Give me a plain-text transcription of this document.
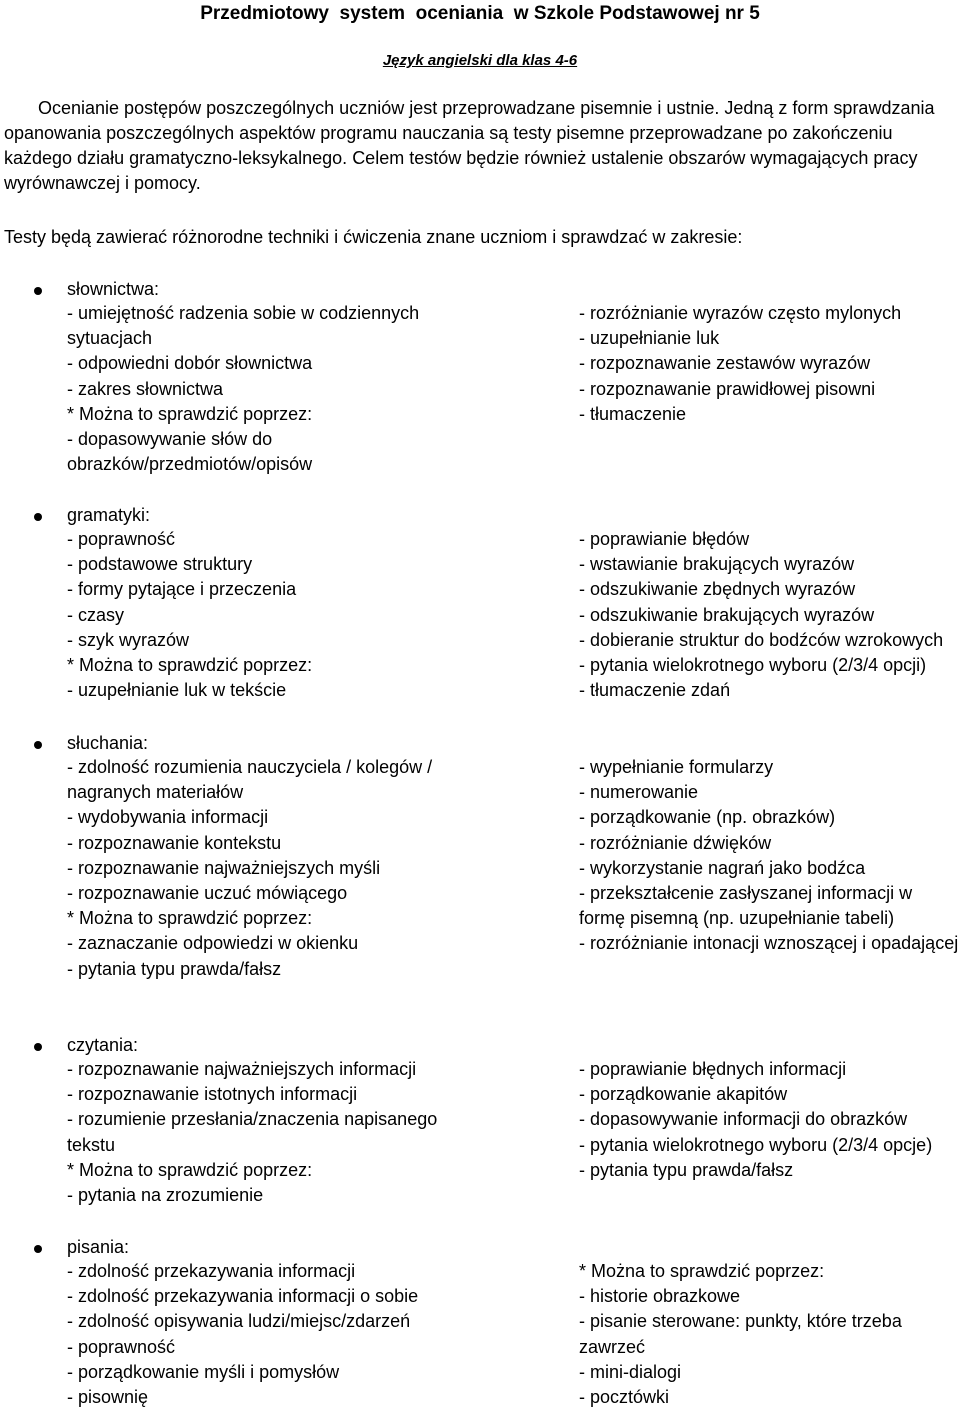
Przedmiotowy  system  oceniania  w Szkole Podstawowej nr 5
Język angielski dla klas 4-6
Ocenianie postępów poszczególnych uczniów jest przeprowadzane pisemnie i ustnie. Jedną z form sprawdzania opanowania poszczególnych aspektów programu nauczania są testy pisemne przeprowadzane po zakończeniu każdego działu gramatyczno-leksykalnego. Celem testów będzie również ustalenie obszarów wymagających pracy wyrównawczej i pomocy.
Testy będą zawierać różnorodne techniki i ćwiczenia znane uczniom i sprawdzać w zakresie:
słownictwa:
- umiejętność radzenia sobie w codziennych
sytuacjach
- odpowiedni dobór słownictwa
- zakres słownictwa
* Można to sprawdzić poprzez:
- dopasowywanie słów do
obrazków/przedmiotów/opisów
- rozróżnianie wyrazów często mylonych
- uzupełnianie luk
- rozpoznawanie zestawów wyrazów
- rozpoznawanie prawidłowej pisowni
- tłumaczenie
gramatyki:
- poprawność
- podstawowe struktury
- formy pytające i przeczenia
- czasy
- szyk wyrazów
* Można to sprawdzić poprzez:
- uzupełnianie luk w tekście
- poprawianie błędów
- wstawianie brakujących wyrazów
- odszukiwanie zbędnych wyrazów
- odszukiwanie brakujących wyrazów
- dobieranie struktur do bodźców wzrokowych
- pytania wielokrotnego wyboru (2/3/4 opcji)
- tłumaczenie zdań
słuchania:
- zdolność rozumienia nauczyciela / kolegów /
nagranych materiałów
- wydobywania informacji
- rozpoznawanie kontekstu
- rozpoznawanie najważniejszych myśli
- rozpoznawanie uczuć mówiącego
* Można to sprawdzić poprzez:
- zaznaczanie odpowiedzi w okienku
- pytania typu prawda/fałsz
- wypełnianie formularzy
- numerowanie
- porządkowanie (np. obrazków)
- rozróżnianie dźwięków
- wykorzystanie nagrań jako bodźca
- przekształcenie zasłyszanej informacji w
formę pisemną (np. uzupełnianie tabeli)
- rozróżnianie intonacji wznoszącej i opadającej
czytania:
- rozpoznawanie najważniejszych informacji
- rozpoznawanie istotnych informacji
- rozumienie przesłania/znaczenia napisanego
tekstu
* Można to sprawdzić poprzez:
- pytania na zrozumienie
- poprawianie błędnych informacji
- porządkowanie akapitów
- dopasowywanie informacji do obrazków
- pytania wielokrotnego wyboru (2/3/4 opcje)
- pytania typu prawda/fałsz
pisania:
- zdolność przekazywania informacji
- zdolność przekazywania informacji o sobie
- zdolność opisywania ludzi/miejsc/zdarzeń
- poprawność
- porządkowanie myśli i pomysłów
- pisownię
* Można to sprawdzić poprzez:
- historie obrazkowe
- pisanie sterowane: punkty, które trzeba
zawrzeć
- mini-dialogi
- pocztówki
